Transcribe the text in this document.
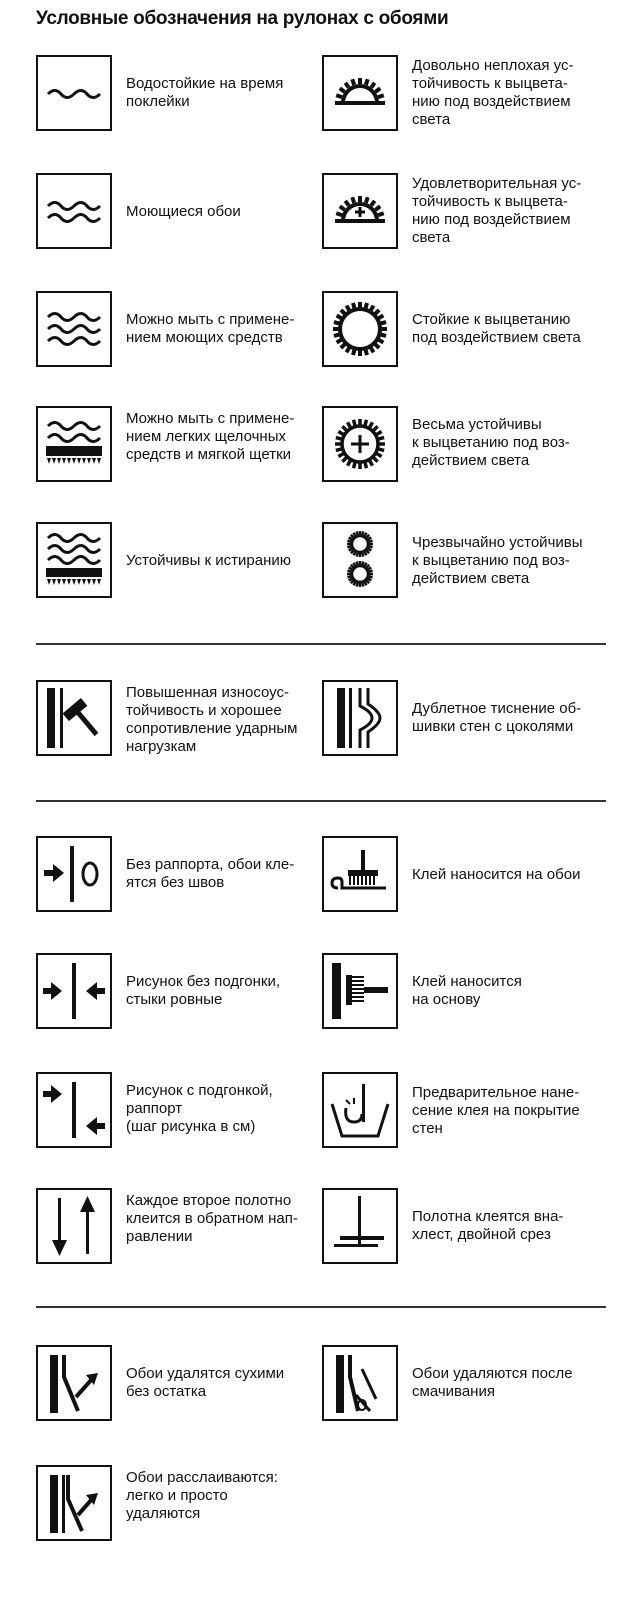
Условные обозначения на рулонах с обоями
Водостойкие на время
поклейки
Довольно неплохая ус-
тойчивость к выцвета-
нию под воздействием
света
Моющиеся обои
Удовлетворительная ус-
тойчивость к выцвета-
нию под воздействием
света
Можно мыть с примене-
нием моющих средств
Стойкие к выцветанию
под воздействием света
Можно мыть с примене-
нием легких щелочных
средств и мягкой щетки
Весьма устойчивы
к выцветанию под воз-
действием света
Устойчивы к истиранию
Чрезвычайно устойчивы
к выцветанию под воз-
действием света
Повышенная износоус-
тойчивость и хорошее
сопротивление ударным
нагрузкам
Дублетное тиснение об-
шивки стен с цоколями
Без раппорта, обои кле-
ятся без швов	Клей наносится на обои
Рисунок без подгонки,
стыки ровные
Клей наносится
на основу
Рисунок с подгонкой,
раппорт
(шаг рисунка в см)
Предварительное нане-
сение клея на покрытие
стен
Каждое второе полотно
клеится в обратном нап-
равлении
Полотна клеятся вна-
хлест, двойной срез
Обои удалятся сухими
без остатка
Обои удаляются после
смачивания
Обои расслаиваются:
легко и просто
удаляются
